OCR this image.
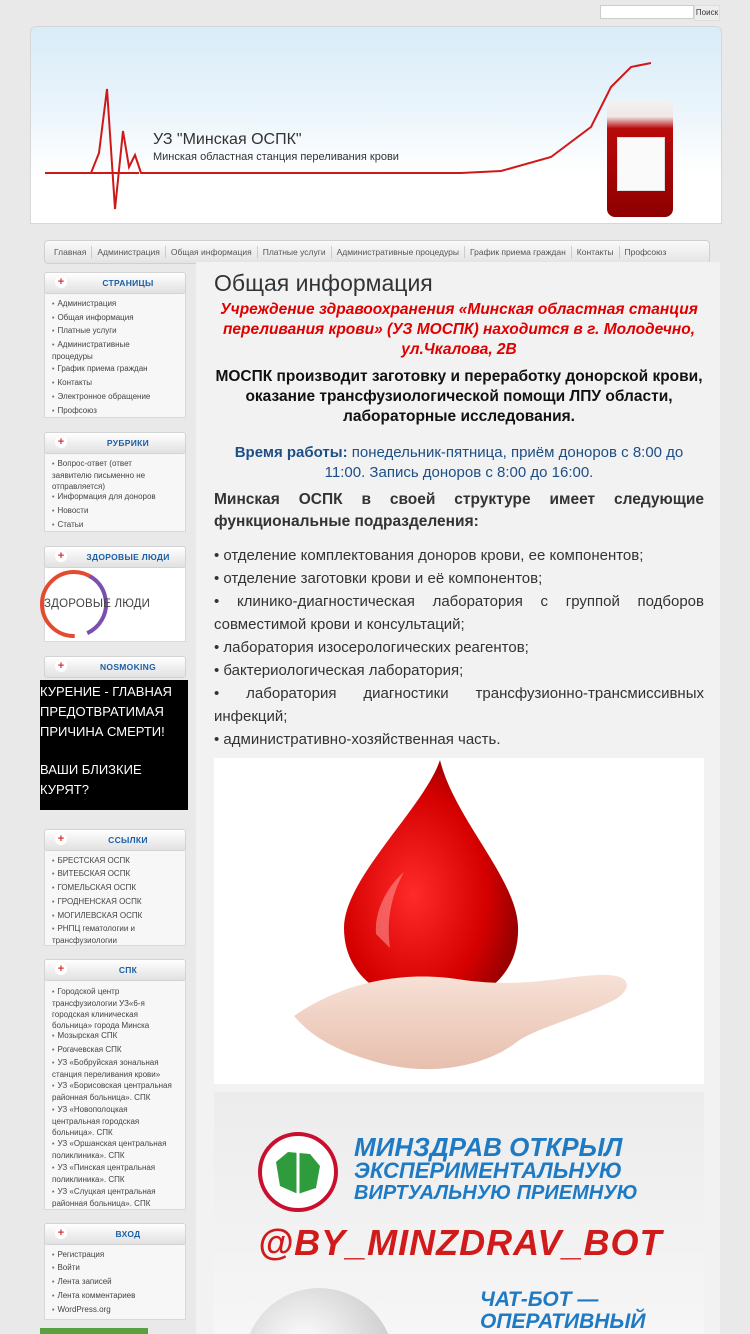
Поиск
УЗ "Минская ОСПК"
Минская областная станция переливания крови
Главная	Администрация	Общая информация	Платные услуги	Административные процедуры	График приема граждан	Контакты	Профсоюз
+	СТРАНИЦЫ
• Администрация
• Общая информация
• Платные услуги
• Административные процедуры
• График приема граждан
• Контакты
• Электронное обращение
• Профсоюз
+	РУБРИКИ
• Вопрос-ответ (ответ заявителю письменно не отправляется)
• Информация для доноров
• Новости
• Статьи
+	ЗДОРОВЫЕ ЛЮДИ
ЗДОРОВЫЕ ЛЮДИ
+	NOSMOKING
КУРЕНИЕ - ГЛАВНАЯ ПРЕДОТВРАТИМАЯ ПРИЧИНА СМЕРТИ!
ВАШИ БЛИЗКИЕ КУРЯТ?
+	ССЫЛКИ
• БРЕСТСКАЯ ОСПК
• ВИТЕБСКАЯ ОСПК
• ГОМЕЛЬСКАЯ ОСПК
• ГРОДНЕНСКАЯ ОСПК
• МОГИЛЕВСКАЯ ОСПК
• РНПЦ гематологии и трансфузиологии
+	СПК
• Городской центр трансфузиологии УЗ«6-я городская клиническая больница» города Минска
• Мозырская СПК
• Рогачевская СПК
• УЗ «Бобруйская зональная станция переливания крови»
• УЗ «Борисовская центральная районная больница». СПК
• УЗ «Новополоцкая центральная городская больница». СПК
• УЗ «Оршанская центральная поликлиника». СПК
• УЗ «Пинская центральная поликлиника». СПК
• УЗ «Слуцкая центральная районная больница». СПК
+	ВХОД
• Регистрация
• Войти
• Лента записей
• Лента комментариев
• WordPress.org
Общая информация
Учреждение здравоохранения «Минская областная станция переливания крови» (УЗ МОСПК) находится в г. Молодечно, ул.Чкалова, 2В
МОСПК производит заготовку и переработку донорской крови, оказание трансфузиологической помощи ЛПУ области, лабораторные исследования.
Время работы: понедельник-пятница, приём доноров с 8:00 до 11:00. Запись доноров с 8:00 до 16:00.
Минская ОСПК в своей структуре имеет следующие функциональные подразделения:
• отделение комплектования доноров крови, ее компонентов;
• отделение заготовки крови и её компонентов;
• клинико-диагностическая лаборатория с группой подборов совместимой крови и консультаций;
• лаборатория изосерологических реагентов;
• бактериологическая лаборатория;
• лаборатория диагностики трансфузионно-трансмиссивных инфекций;
• административно-хозяйственная часть.
МИНЗДРАВ ОТКРЫЛ
ЭКСПЕРИМЕНТАЛЬНУЮ
ВИРТУАЛЬНУЮ ПРИЕМНУЮ
@BY_MINZDRAV_BOT
ЧАТ-БОТ —
ОПЕРАТИВНЫЙ
